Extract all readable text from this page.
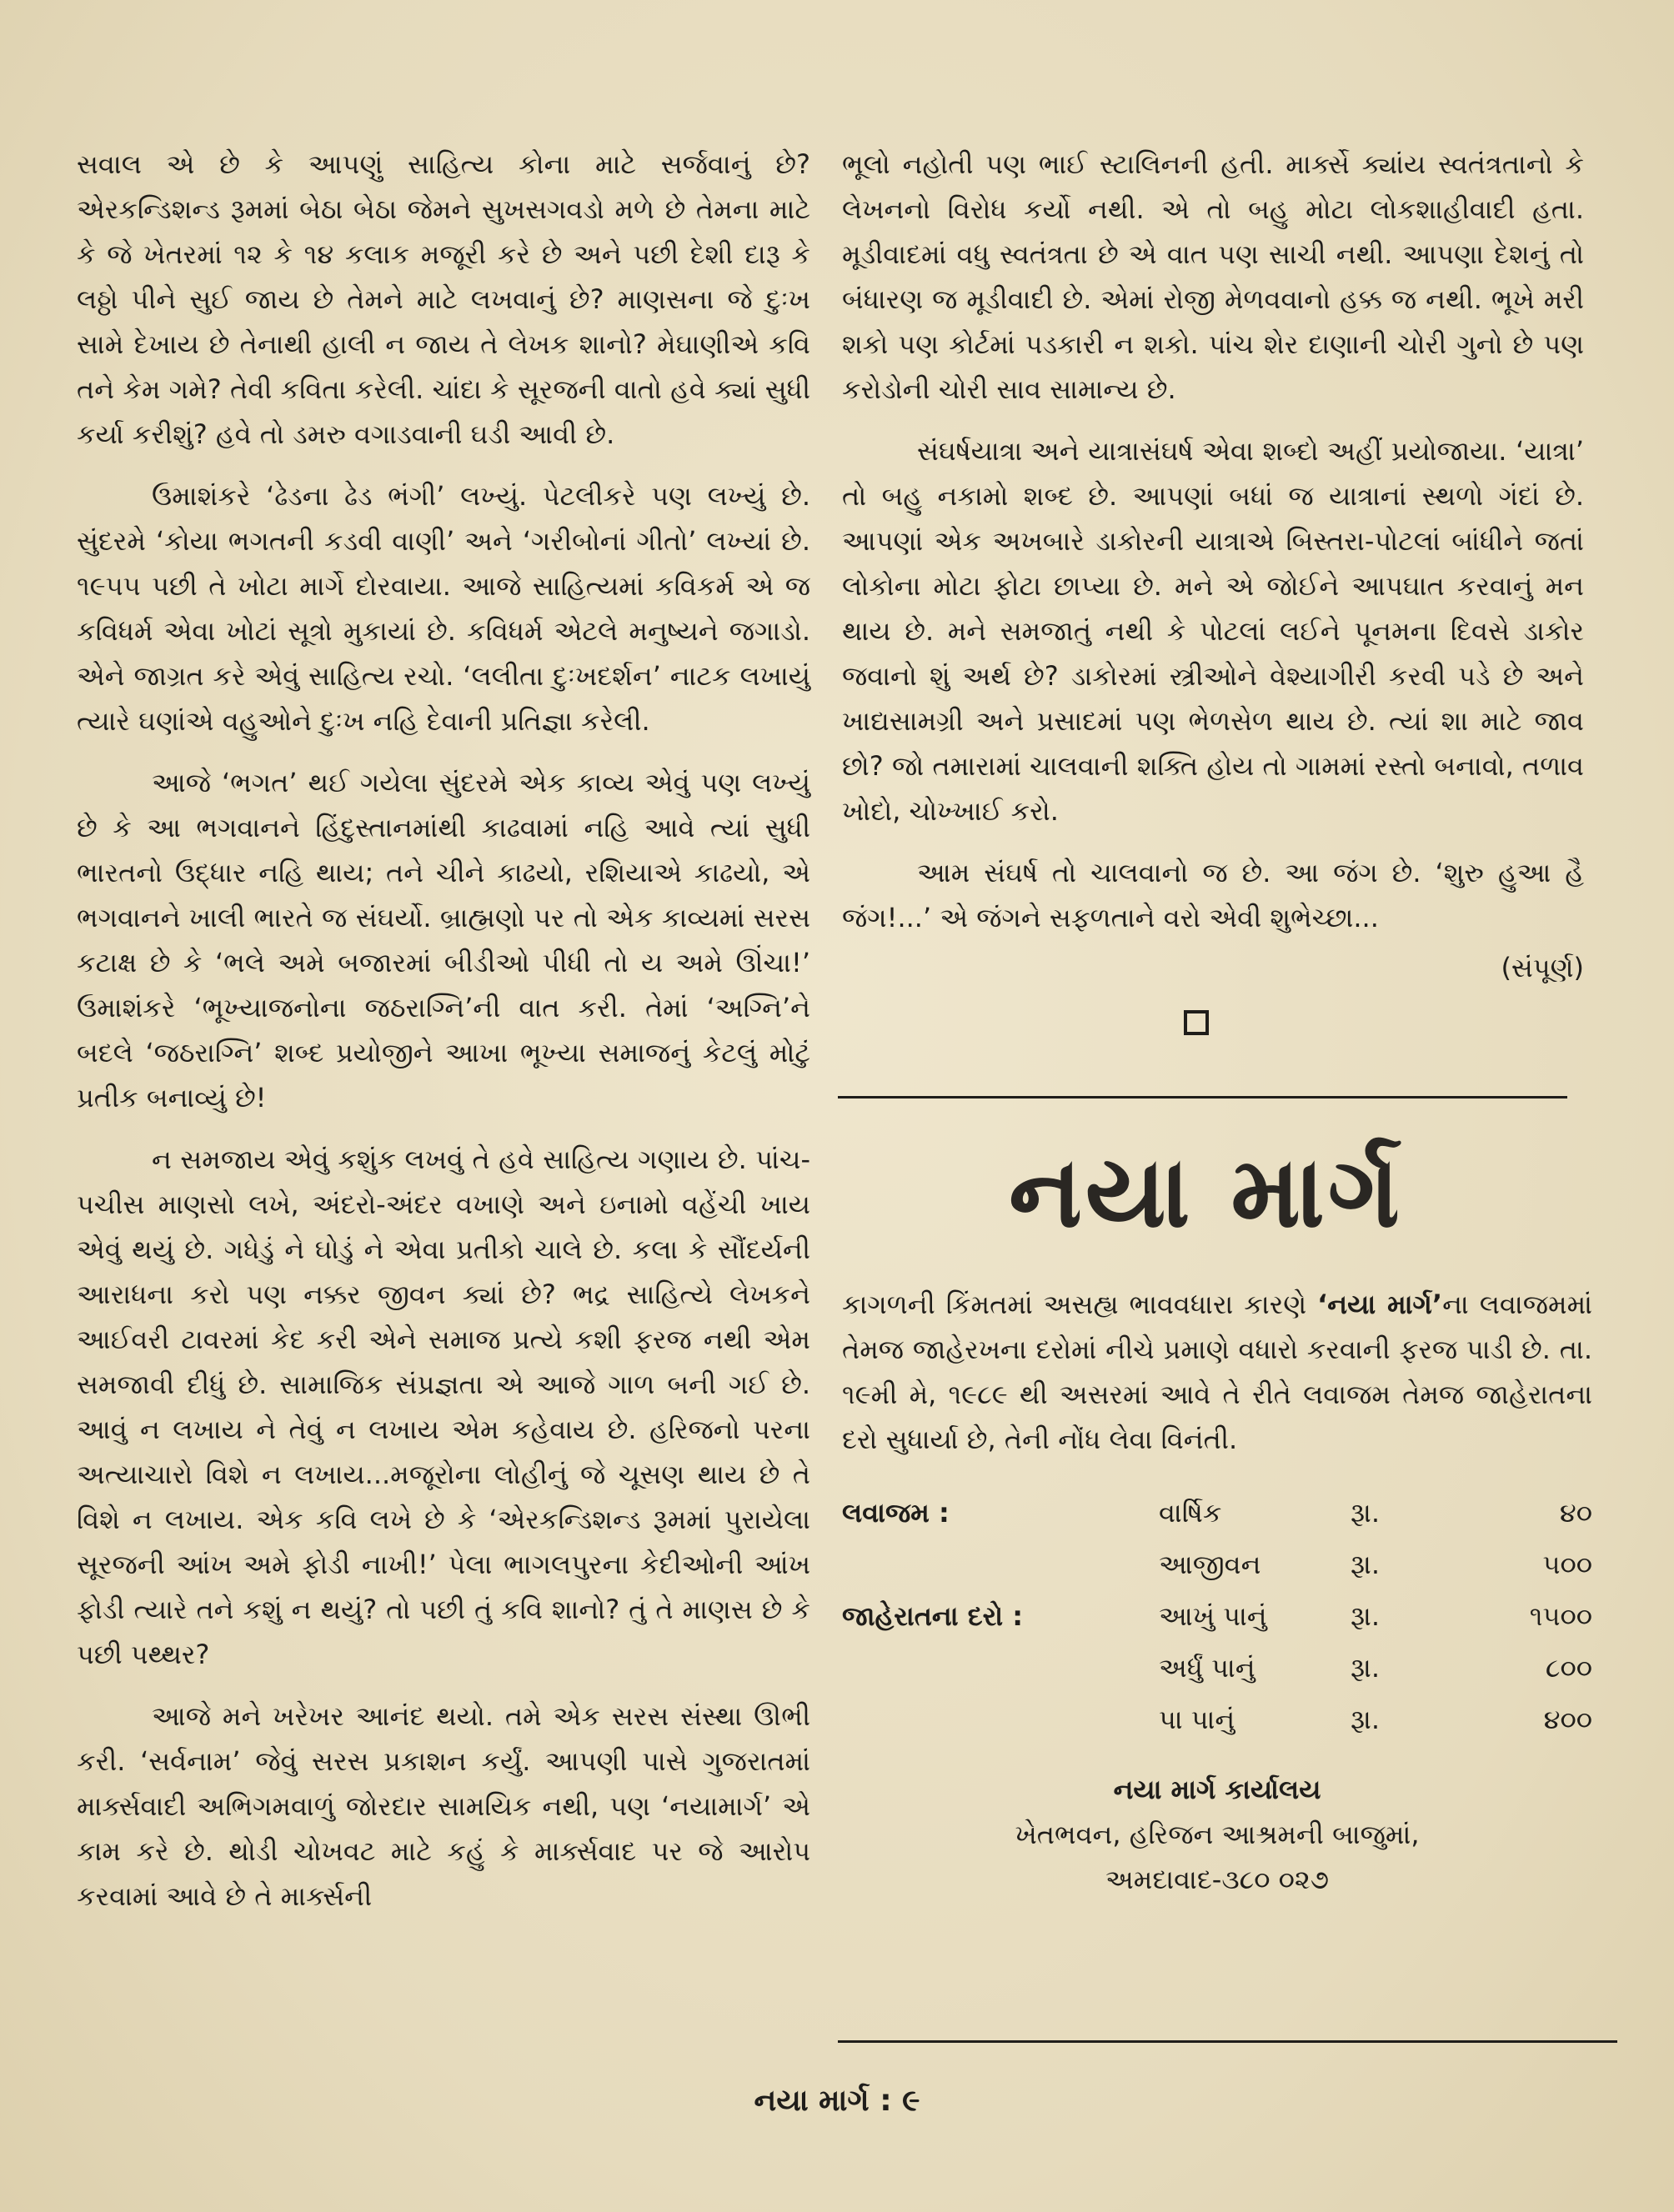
સવાલ એ છે કે આપણું સાહિત્ય કોના માટે સર્જવાનું છે? એરકન્ડિશન્ડ રૂમમાં બેઠા બેઠા જેમને સુખસગવડો મળે છે તેમના માટે કે જે ખેતરમાં ૧૨ કે ૧૪ કલાક મજૂરી કરે છે અને પછી દેશી દારૂ કે લઠ્ઠો પીને સુઈ જાય છે તેમને માટે લખવાનું છે? માણસના જે દુઃખ સામે દેખાય છે તેનાથી હાલી ન જાય તે લેખક શાનો? મેઘાણીએ કવિ તને કેમ ગમે? તેવી કવિતા કરેલી. ચાંદા કે સૂરજની વાતો હવે ક્યાં સુધી કર્યા કરીશું? હવે તો ડમરુ વગાડવાની ઘડી આવી છે.

ઉમાશંકરે ‘ઢેડના ઢેડ ભંગી’ લખ્યું. પેટલીકરે પણ લખ્યું છે. સુંદરમે ‘કોયા ભગતની કડવી વાણી’ અને ‘ગરીબોનાં ગીતો’ લખ્યાં છે. ૧૯૫૫ પછી તે ખોટા માર્ગે દોરવાયા. આજે સાહિત્યમાં કવિકર્મ એ જ કવિધર્મ એવા ખોટાં સૂત્રો મુકાયાં છે. કવિધર્મ એટલે મનુષ્યને જગાડો. એને જાગ્રત કરે એવું સાહિત્ય રચો. ‘લલીતા દુઃખદર્શન’ નાટક લખાયું ત્યારે ઘણાંએ વહુઓને દુઃખ નહિ દેવાની પ્રતિજ્ઞા કરેલી.

આજે ‘ભગત’ થઈ ગયેલા સુંદરમે એક કાવ્ય એવું પણ લખ્યું છે કે આ ભગવાનને હિંદુસ્તાનમાંથી કાઢવામાં નહિ આવે ત્યાં સુધી ભારતનો ઉદ્ધાર નહિ થાય; તને ચીને કાઢયો, રશિયાએ કાઢયો, એ ભગવાનને ખાલી ભારતે જ સંઘર્યો. બ્રાહ્મણો પર તો એક કાવ્યમાં સરસ કટાક્ષ છે કે ‘ભલે અમે બજારમાં બીડીઓ પીધી તો ય અમે ઊંચા!’ ઉમાશંકરે ‘ભૂખ્યાજનોના જઠરાગ્નિ’ની વાત કરી. તેમાં ‘અગ્નિ’ને બદલે ‘જઠરાગ્નિ’ શબ્દ પ્રયોજીને આખા ભૂખ્યા સમાજનું કેટલું મોટું પ્રતીક બનાવ્યું છે!

ન સમજાય એવું કશુંક લખવું તે હવે સાહિત્ય ગણાય છે. પાંચ-પચીસ માણસો લખે, અંદરો-અંદર વખાણે અને ઇનામો વહેંચી ખાય એવું થયું છે. ગધેડું ને ઘોડું ને એવા પ્રતીકો ચાલે છે. કલા કે સૌંદર્યની આરાધના કરો પણ નક્કર જીવન ક્યાં છે? ભદ્ર સાહિત્યે લેખકને આઈવરી ટાવરમાં કેદ કરી એને સમાજ પ્રત્યે કશી ફરજ નથી એમ સમજાવી દીધું છે. સામાજિક સંપ્રજ્ઞતા એ આજે ગાળ બની ગઈ છે. આવું ન લખાય ને તેવું ન લખાય એમ કહેવાય છે. હરિજનો પરના અત્યાચારો વિશે ન લખાય...મજૂરોના લોહીનું જે ચૂસણ થાય છે તે વિશે ન લખાય. એક કવિ લખે છે કે ‘એરકન્ડિશન્ડ રૂમમાં પુરાયેલા સૂરજની આંખ અમે ફોડી નાખી!’ પેલા ભાગલપુરના કેદીઓની આંખ ફોડી ત્યારે તને કશું ન થયું? તો પછી તું કવિ શાનો? તું તે માણસ છે કે પછી પથ્થર?

આજે મને ખરેખર આનંદ થયો. તમે એક સરસ સંસ્થા ઊભી કરી. ‘સર્વનામ’ જેવું સરસ પ્રકાશન કર્યું. આપણી પાસે ગુજરાતમાં માર્ક્સવાદી અભિગમવાળું જોરદાર સામયિક નથી, પણ ‘નયામાર્ગ’ એ કામ કરે છે. થોડી ચોખવટ માટે કહું કે માર્ક્સવાદ પર જે આરોપ કરવામાં આવે છે તે માર્ક્સની

ભૂલો નહોતી પણ ભાઈ સ્ટાલિનની હતી. માર્ક્સે ક્યાંય સ્વતંત્રતાનો કે લેખનનો વિરોધ કર્યો નથી. એ તો બહુ મોટા લોકશાહીવાદી હતા. મૂડીવાદમાં વધુ સ્વતંત્રતા છે એ વાત પણ સાચી નથી. આપણા દેશનું તો બંધારણ જ મૂડીવાદી છે. એમાં રોજી મેળવવાનો હક્ક જ નથી. ભૂખે મરી શકો પણ કોર્ટમાં પડકારી ન શકો. પાંચ શેર દાણાની ચોરી ગુનો છે પણ કરોડોની ચોરી સાવ સામાન્ય છે.

સંઘર્ષયાત્રા અને યાત્રાસંઘર્ષ એવા શબ્દો અહીં પ્રયોજાયા. ‘યાત્રા’ તો બહુ નકામો શબ્દ છે. આપણાં બધાં જ યાત્રાનાં સ્થળો ગંદાં છે. આપણાં એક અખબારે ડાકોરની યાત્રાએ બિસ્તરા-પોટલાં બાંધીને જતાં લોકોના મોટા ફોટા છાપ્યા છે. મને એ જોઈને આપઘાત કરવાનું મન થાય છે. મને સમજાતું નથી કે પોટલાં લઈને પૂનમના દિવસે ડાકોર જવાનો શું અર્થ છે? ડાકોરમાં સ્ત્રીઓને વેશ્યાગીરી કરવી પડે છે અને ખાદ્યસામગ્રી અને પ્રસાદમાં પણ ભેળસેળ થાય છે. ત્યાં શા માટે જાવ છો? જો તમારામાં ચાલવાની શક્તિ હોય તો ગામમાં રસ્તો બનાવો, તળાવ ખોદો, ચોખ્ખાઈ કરો.

આમ સંઘર્ષ તો ચાલવાનો જ છે. આ જંગ છે. ‘શુરુ હુઆ હૈ જંગ!...’ એ જંગને સફળતાને વરો એવી શુભેચ્છા...

(સંપૂર્ણ)

નયા માર્ગ

કાગળની કિંમતમાં અસહ્ય ભાવવધારા કારણે ‘નયા માર્ગ’ના લવાજમમાં તેમજ જાહેરખના દરોમાં નીચે પ્રમાણે વધારો કરવાની ફરજ પાડી છે. તા. ૧૯મી મે, ૧૯૮૯ થી અસરમાં આવે તે રીતે લવાજમ તેમજ જાહેરાતના દરો સુધાર્યા છે, તેની નોંધ લેવા વિનંતી.

લવાજમ :	વાર્ષિક	રૂા.	૪૦
	આજીવન	રૂા.	૫૦૦
જાહેરાતના દરો :	આખું પાનું	રૂા.	૧૫૦૦
	અર્ધું પાનું	રૂા.	૮૦૦
	પા પાનું	રૂા.	૪૦૦
નયા માર્ગ કાર્યાલય
ખેતભવન, હરિજન આશ્રમની બાજુમાં,
અમદાવાદ-૩૮૦ ૦૨૭
નયા માર્ગ : ૯
